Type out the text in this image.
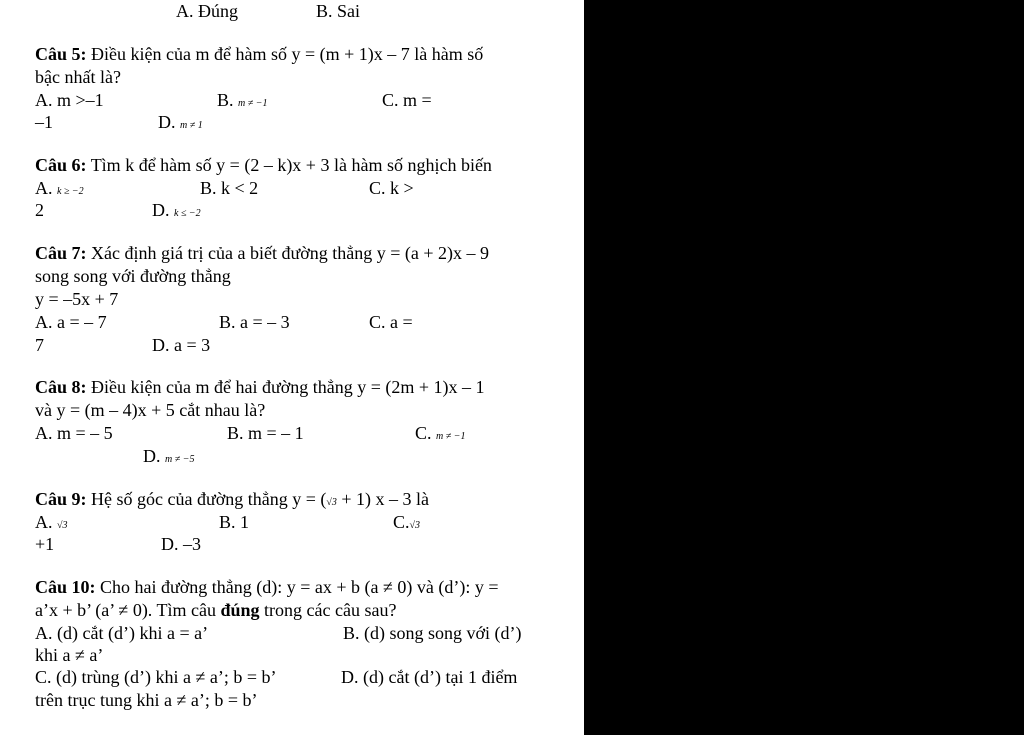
A. Đúng	B. Sai
Câu 5: Điều kiện của m để hàm số y = (m + 1)x – 7 là hàm số
bậc nhất là?
A. m >–1	B. m ≠ −1	C. m =
–1	D. m ≠ 1
Câu 6: Tìm k để hàm số y = (2 – k)x + 3 là hàm số nghịch biến
A. k ≥ −2	B. k < 2	C. k >
2	D. k ≤ −2
Câu 7: Xác định giá trị của a biết đường thẳng y = (a + 2)x – 9
song song với đường thẳng
y = –5x + 7
A. a = – 7	B. a = – 3	C. a =
7	D. a = 3
Câu 8: Điều kiện của m để hai đường thẳng y = (2m + 1)x – 1
và y = (m – 4)x + 5 cắt nhau là?
A. m = – 5	B. m = – 1	C. m ≠ −1
D. m ≠ −5
Câu 9: Hệ số góc của đường thẳng y = (√3 + 1) x – 3 là
A. √3	B. 1	C.√3
+1	D. –3
Câu 10: Cho hai đường thẳng (d): y = ax + b (a ≠ 0) và (d’): y =
a’x + b’ (a’ ≠ 0). Tìm câu đúng trong các câu sau?
A. (d) cắt (d’) khi a = a’	B. (d) song song với (d’)
khi a ≠ a’
C. (d) trùng (d’) khi a ≠ a’; b = b’	D. (d) cắt (d’) tại 1 điểm
trên trục tung khi a ≠ a’; b = b’
